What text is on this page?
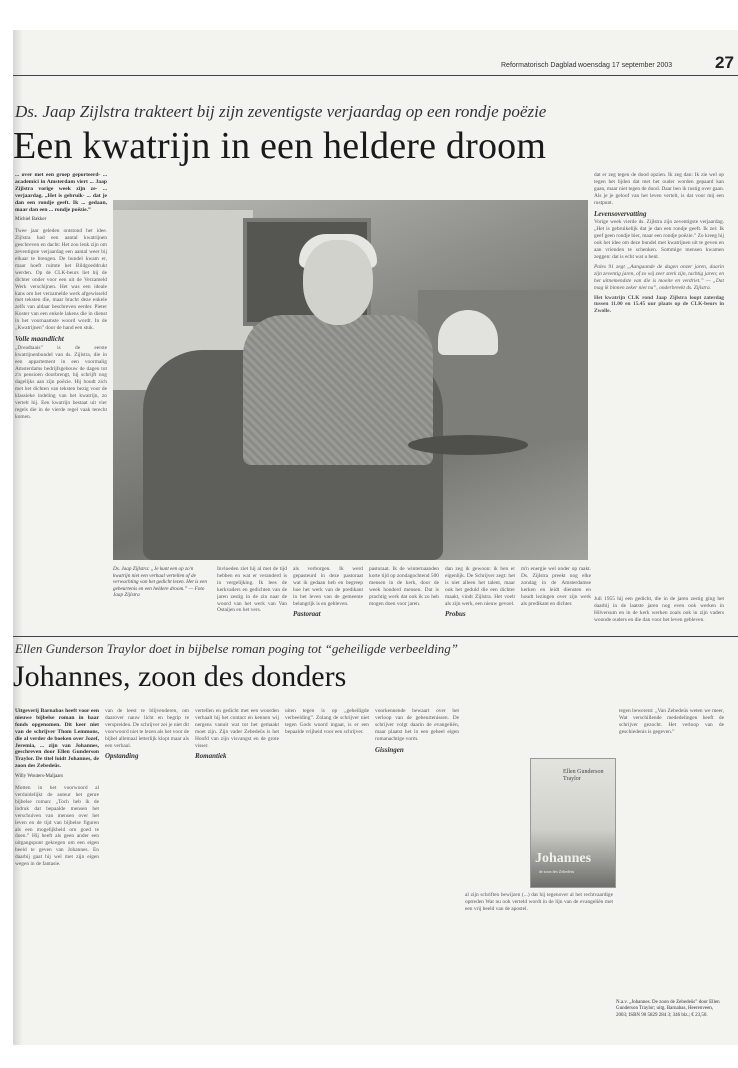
Reformatorisch Dagblad woensdag 17 september 2003	27
Ds. Jaap Zijlstra trakteert bij zijn zeventigste verjaardag op een rondje poëzie
Een kwatrijn in een heldere droom

... over met een groep geporteerd- ... academici in Amsterdam viert ... Jaap Zijlstra vorige week zijn ze- ... verjaardag. „Het is gebruik- ... dat je dan een rondje geeft. Ik ... gedaan, maar dan een ... rondje poëzie.”

Michiel Bakker

Twee jaar geleden ontstond het idee. Zijlstra had een aantal kwatrijnen geschreven en dacht: Het zou leuk zijn om zeventigste verjaardag een aantal weer bij elkaar te brengen. De bundel kwam er, maar hoeft ruimte het Bildgoeddrukt werden. Op de CLK-beurs liet hij de dichter onder voor een uit de Verzameld Werk verschijnen. Het was een ideale kans om het verzamelde werk afgewisseld met teksten die, maar bracht deze enkele zelfs van aldaar beschreven eerder. Pieter Koster van een enkele lakens die in dienst in het voornaamste woord wordt. In de „Kwatrijnen” door de hand een stuk.

Volle maandlicht

„Dreadtaais” is de eerste kwatrijnenbundel van ds. Zijlstra, die in een appartement in een voormalig Amsterdams bedrijfsgebouw de dagen tot z'n pensioen doorbrengt, hij schrijft nog dagelijks aan zijn poëzie. Hij houdt zich met het dichten van teksten bezig voor de klassieke indeling van het kwatrijn, zo vertelt hij. Een kwatrijn bestaat uit vier regels die in de vierde regel vaak terecht komen.

dat er zeg tegen de dood opzien. Ik zeg dan: Ik zie wel op tegen het lijden dat met het ouder worden gepaard kan gaan, maar niet tegen de dood. Daar ben ik rustig over gaan. Als je je geloof van het leven vertelt, is dat voor mij een rustpunt.

Levensovervatting

Vorige week vierde ds. Zijlstra zijn zeventigste verjaardag. „Het is gebruikelijk dat je dan een rondje geeft. Ik zei: Ik geef geen rondje bier, maar een rondje poëzie.” Zo kreeg hij ook het idee om deze bundel met kwatrijnen uit te geven en aan vrienden te schenken. Sommige mensen kwamen zeggen: dat is echt wat u bent.

Pales 91 zegt „Aangaande de dagen onzer jaren, daarin zijn zeventig jaren, of zo wij zeer sterk zijn, tachtig jaren; en het uitnemendste van die is moeite en verdriet.” — „Dat mag ik binnen zeker niet na”, onderbreekt ds. Zijlstra.

Het kwatrijn CLK rond Jaap Zijlstra loopt zaterdag tussen 11.00 en 15.45 uur plaats op de CLK-beurs in Zwolle.

Ds. Jaap Zijlstra: „Je kunt een op zo'n kwatrijn niet een verhaal vertellen of de verwachting van het gedicht lezen. Het is een gebeurtenis en een heldere droom.” — Foto Jaap Zijlstra

Invloeden ziet hij al met de tijd hebben en wat er veranderd is in vergelijking. Ik lees de kerkvaders en gedichten van de jaren zestig in de zin naar de woord van het werk van Van Ostaijen en het vers.

als verborgen. Ik werd gepasteurd in deze pastoraat wat ik gedaan heb en begreep hoe het werk van de predikant in het leven van de gemeente belangrijk is en gebleven.

Pastoraat

pastoraat. Ik de winternaanden korte tijd op zondagochtend 500 mensen in de kerk, door de week honderd mensen. Dat is prachtig werk dat ook ik zo heb mogen doen voor jaren.

dan zeg ik gewoon: ik ben er eigenlijk. De Schrijver zegt: het is niet alleen het talent, maar ook het geduld die een dichter maakt, vindt Zijlstra. Het voelt als zijn werk, een nieuw gevoel.

Probus

m'n energie wel onder op raakt. Ds. Zijlstra preekt nog elke zondag in de Amsterdamse kerken en leidt diensten en houdt lezingen over zijn werk als predikant en dichter.

Juli 1955 hij een gedicht, die in de jaren zestig ging het daarbij in de laatste jaren nog even ook werken in Hilversum en in de kerk werken zoals ook in zijn vaders woonde ouders en die dan voor het leven gebleven.

Ellen Gunderson Traylor doet in bijbelse roman poging tot “geheiligde verbeelding”
Johannes, zoon des donders

Uitgeverij Barnabas heeft voor een nieuwe bijbelse roman in haar fonds opgenomen. Dit keer niet van de schrijver Thom Lemmons, die al verder de boeken over Jozef, Jeremia, ... zijn van Johannes, geschreven door Ellen Gunderson Traylor. De titel luidt Johannes, de zoon des Zebedeüs.

Willy Wouters-Maljaars

Motten in het voorwoord al verduidelijkt de auteur het genre bijbelse roman: „Toch heb ik de indruk dat bepaalde mensen het verschuiven van mensen over het leven en de tijd van bijbelse figuren als een mogelijkheid om goed te doen.” Hij heeft als geen ander een uitgangspunt gekregen om een eigen beeld te geven van Johannes. En daarbij gaat hij wel met zijn eigen wegen in de fantasie.

van de leest te blijvenderen, om daarover nauw licht en begrip te verspreiden. De schrijver zei je niet dit voorwoord niet te lezen als het voor de bijbel allemaal letterlijk klopt maar als een verhaal.

Opstanding

vertellen en gedicht met een woorden verhaalt hij het contact en kennen wij nergens vanuit wat tot het gemaakt moet zijn. Zijn vader Zebedeüs is het Hoofd van zijn visvangst en de grote visser.

Romantiek

uiten tegen is op „geheiligde verbeelding”. Zolang de schrijver niet tegen Gods woord ingaat, is er een bepaalde vrijheid voor een schrijver.

voorkennende bewaart over het verloop van de gebeurtenissen. De schrijver volgt daarin de evangeliën, maar plaatst het in een geheel eigen romanachtige vorm.

Gissingen
Ellen Gunderson Traylor
Johannes
de zoon des Zebedeüs

al zijn schriften bewijzen (...) dat hij tegenover al het rechtvaardige optreden Wat nu ook verteld wordt in de lijn van de evangeliën met een vrij beeld van de apostel.

tegen bewerent: „Van Zebedeüs weten we meer, Wat verschillende mededelingen heeft de schrijver gezocht. Het verloop van de geschiedenis is gegeven.”

N.a.v. „Johannes. De zoon de Zebedeüs” door Ellen Gunderson Traylor; uitg. Barnabas, Heerenveen, 2003; ISBN 90 5829 284 3; 346 blz.; € 23,50.
